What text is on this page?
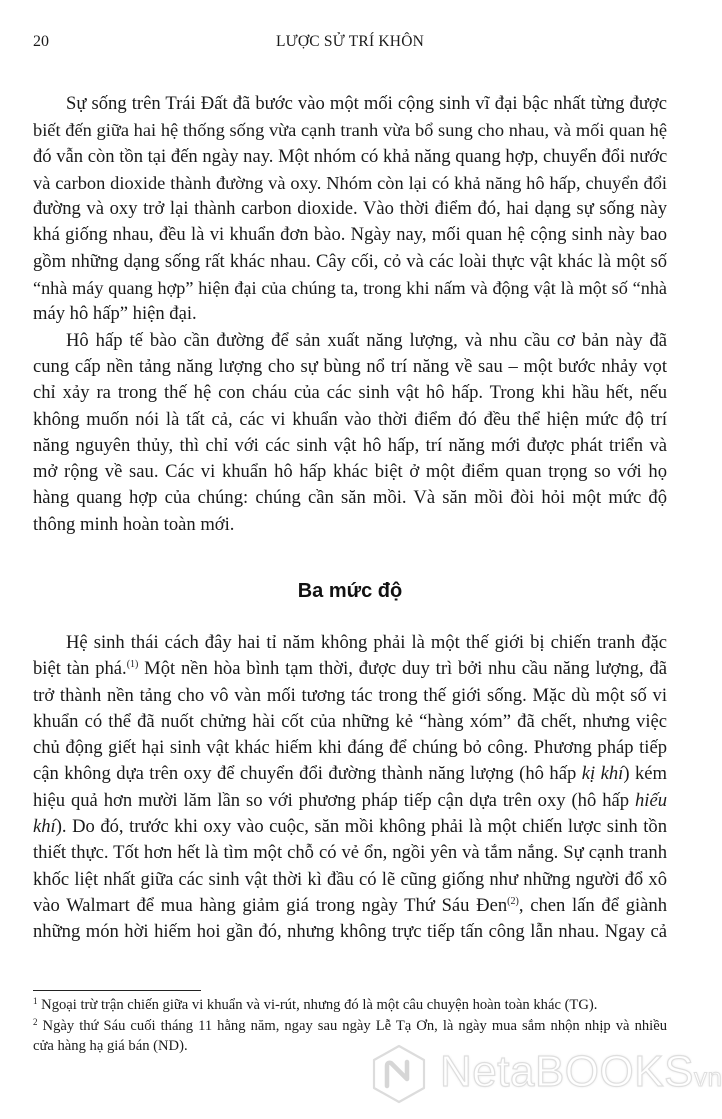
20	LƯỢC SỬ TRÍ KHÔN
Sự sống trên Trái Đất đã bước vào một mối cộng sinh vĩ đại bậc nhất từng được
biết đến giữa hai hệ thống sống vừa cạnh tranh vừa bổ sung cho nhau, và mối quan hệ
đó vẫn còn tồn tại đến ngày nay. Một nhóm có khả năng quang hợp, chuyển đổi nước
và carbon dioxide thành đường và oxy. Nhóm còn lại có khả năng hô hấp, chuyển đổi
đường và oxy trở lại thành carbon dioxide. Vào thời điểm đó, hai dạng sự sống này
khá giống nhau, đều là vi khuẩn đơn bào. Ngày nay, mối quan hệ cộng sinh này bao
gồm những dạng sống rất khác nhau. Cây cối, cỏ và các loài thực vật khác là một số
“nhà máy quang hợp” hiện đại của chúng ta, trong khi nấm và động vật là một số “nhà
máy hô hấp” hiện đại.
Hô hấp tế bào cần đường để sản xuất năng lượng, và nhu cầu cơ bản này đã
cung cấp nền tảng năng lượng cho sự bùng nổ trí năng về sau – một bước nhảy vọt
chỉ xảy ra trong thế hệ con cháu của các sinh vật hô hấp. Trong khi hầu hết, nếu
không muốn nói là tất cả, các vi khuẩn vào thời điểm đó đều thể hiện mức độ trí
năng nguyên thủy, thì chỉ với các sinh vật hô hấp, trí năng mới được phát triển và
mở rộng về sau. Các vi khuẩn hô hấp khác biệt ở một điểm quan trọng so với họ
hàng quang hợp của chúng: chúng cần săn mồi. Và săn mồi đòi hỏi một mức độ
thông minh hoàn toàn mới.
Ba mức độ
Hệ sinh thái cách đây hai tỉ năm không phải là một thế giới bị chiến tranh đặc
biệt tàn phá.$^{(1)}$ Một nền hòa bình tạm thời, được duy trì bởi nhu cầu năng lượng, đã
trở thành nền tảng cho vô vàn mối tương tác trong thế giới sống. Mặc dù một số vi
khuẩn có thể đã nuốt chửng hài cốt của những kẻ “hàng xóm” đã chết, nhưng việc
chủ động giết hại sinh vật khác hiếm khi đáng để chúng bỏ công. Phương pháp tiếp
cận không dựa trên oxy để chuyển đổi đường thành năng lượng (hô hấp kị khí) kém
hiệu quả hơn mười lăm lần so với phương pháp tiếp cận dựa trên oxy (hô hấp hiếu
khí). Do đó, trước khi oxy vào cuộc, săn mồi không phải là một chiến lược sinh tồn
thiết thực. Tốt hơn hết là tìm một chỗ có vẻ ổn, ngồi yên và tắm nắng. Sự cạnh tranh
khốc liệt nhất giữa các sinh vật thời kì đầu có lẽ cũng giống như những người đổ xô
vào Walmart để mua hàng giảm giá trong ngày Thứ Sáu Đen$^{(2)}$, chen lấn để giành
những món hời hiếm hoi gần đó, nhưng không trực tiếp tấn công lẫn nhau. Ngay cả
$^1$ Ngoại trừ trận chiến giữa vi khuẩn và vi-rút, nhưng đó là một câu chuyện hoàn toàn khác (TG).
$^2$ Ngày thứ Sáu cuối tháng 11 hằng năm, ngay sau ngày Lễ Tạ Ơn, là ngày mua sắm nhộn nhịp và nhiều
cửa hàng hạ giá bán (ND).
NetaBOOKSvn
